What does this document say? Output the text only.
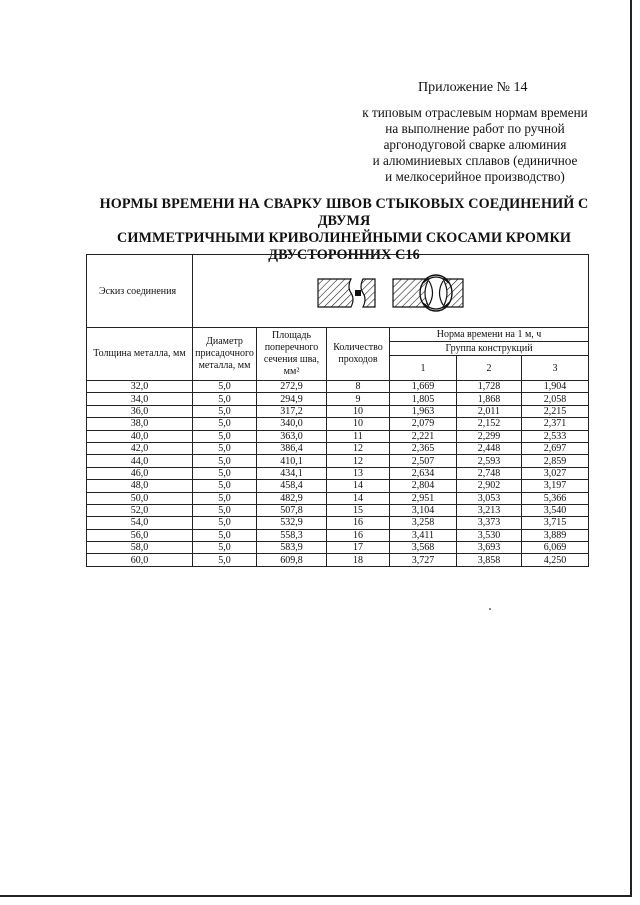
Приложение № 14
к типовым отраслевым нормам времени
на выполнение работ по ручной
аргонодуговой сварке алюминия
и алюминиевых сплавов (единичное
и мелкосерийное производство)
НОРМЫ ВРЕМЕНИ НА СВАРКУ ШВОВ СТЫКОВЫХ СОЕДИНЕНИЙ С ДВУМЯ
СИММЕТРИЧНЫМИ КРИВОЛИНЕЙНЫМИ СКОСАМИ КРОМКИ
ДВУСТОРОННИХ С16
Эскиз соединения	

Толщина металла, мм	Диаметр присадочного металла, мм	Площадь поперечного сечения шва, мм²	Количество проходов	Норма времени на 1 м, ч		
				Группа конструкций		
				1	2	3
32,0	5,0	272,9	8	1,669	1,728	1,904
34,0	5,0	294,9	9	1,805	1,868	2,058
36,0	5,0	317,2	10	1,963	2,011	2,215
38,0	5,0	340,0	10	2,079	2,152	2,371
40,0	5,0	363,0	11	2,221	2,299	2,533
42,0	5,0	386,4	12	2,365	2,448	2,697
44,0	5,0	410,1	12	2,507	2,593	2,859
46,0	5,0	434,1	13	2,634	2,748	3,027
48,0	5,0	458,4	14	2,804	2,902	3,197
50,0	5,0	482,9	14	2,951	3,053	5,366
52,0	5,0	507,8	15	3,104	3,213	3,540
54,0	5,0	532,9	16	3,258	3,373	3,715
56,0	5,0	558,3	16	3,411	3,530	3,889
58,0	5,0	583,9	17	3,568	3,693	6,069
60,0	5,0	609,8	18	3,727	3,858	4,250
